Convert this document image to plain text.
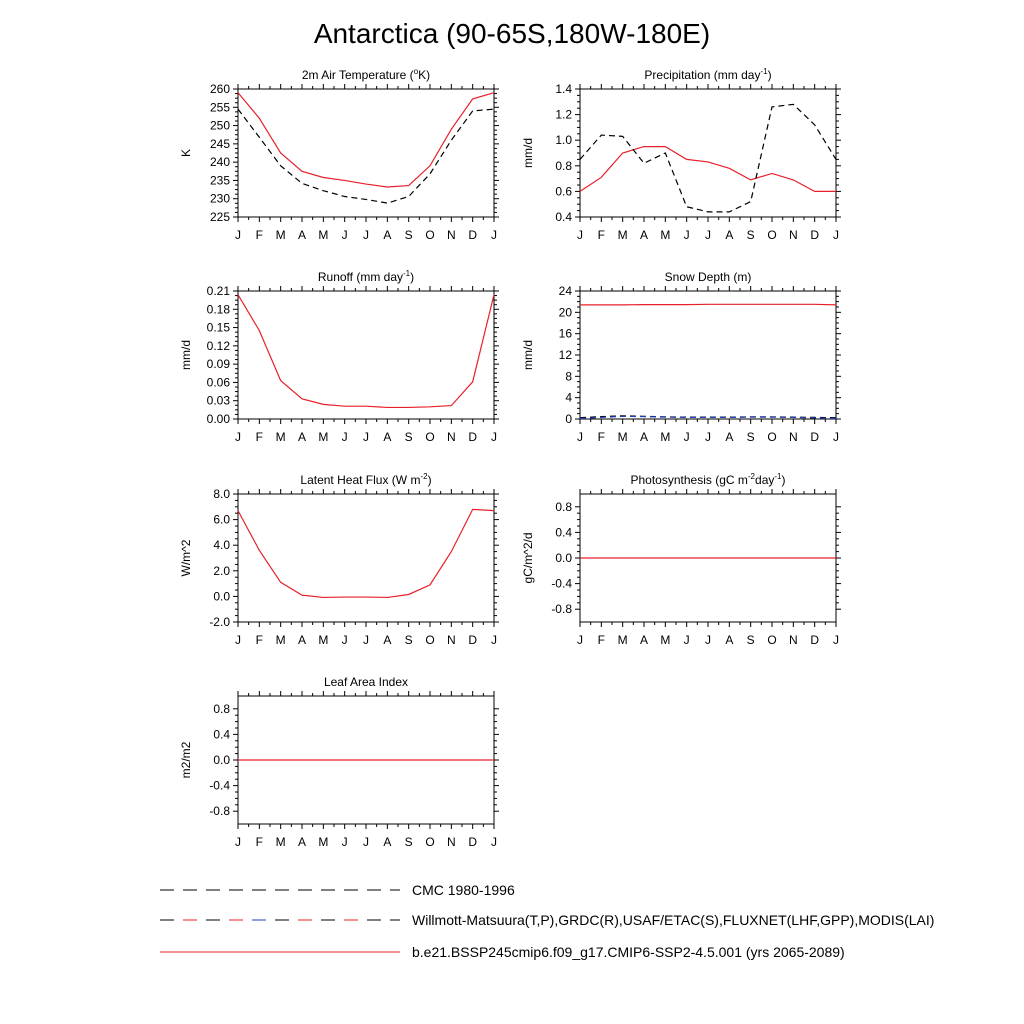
Antarctica (90-65S,180W-180E)
J F M A M J J A S O N D J
225
230
235
240
245
250
255
260
K
2m Air Temperature ($^o$K)
J F M A M J J A S O N D J
0.4
0.6
0.8
1.0
1.2
1.4
mm/d
Precipitation (mm day$^{-1}$)
J F M A M J J A S O N D J
0.00
0.03
0.06
0.09
0.12
0.15
0.18
0.21
mm/d
Runoff (mm day$^{-1}$)
J F M A M J J A S O N D J
0
4
8
12
16
20
24
mm/d
Snow Depth (m)
J F M A M J J A S O N D J
-2.0
0.0
2.0
4.0
6.0
8.0
W/m^2
Latent Heat Flux (W $m^{-2}$)
J F M A M J J A S O N D J
-0.8
-0.4
0.0
0.4
0.8
gC/m^2/d
Photosynthesis (gC $m^{-2}day^{-1}$)
J F M A M J J A S O N D J
-0.8
-0.4
0.0
0.4
0.8
m2/m2
Leaf Area Index
CMC 1980-1996
Willmott-Matsuura(T,P),GRDC(R),USAF/ETAC(S),FLUXNET(LHF,GPP),MODIS(LAI)
b.e21.BSSP245cmip6.f09_g17.CMIP6-SSP2-4.5.001 (yrs 2065-2089)
